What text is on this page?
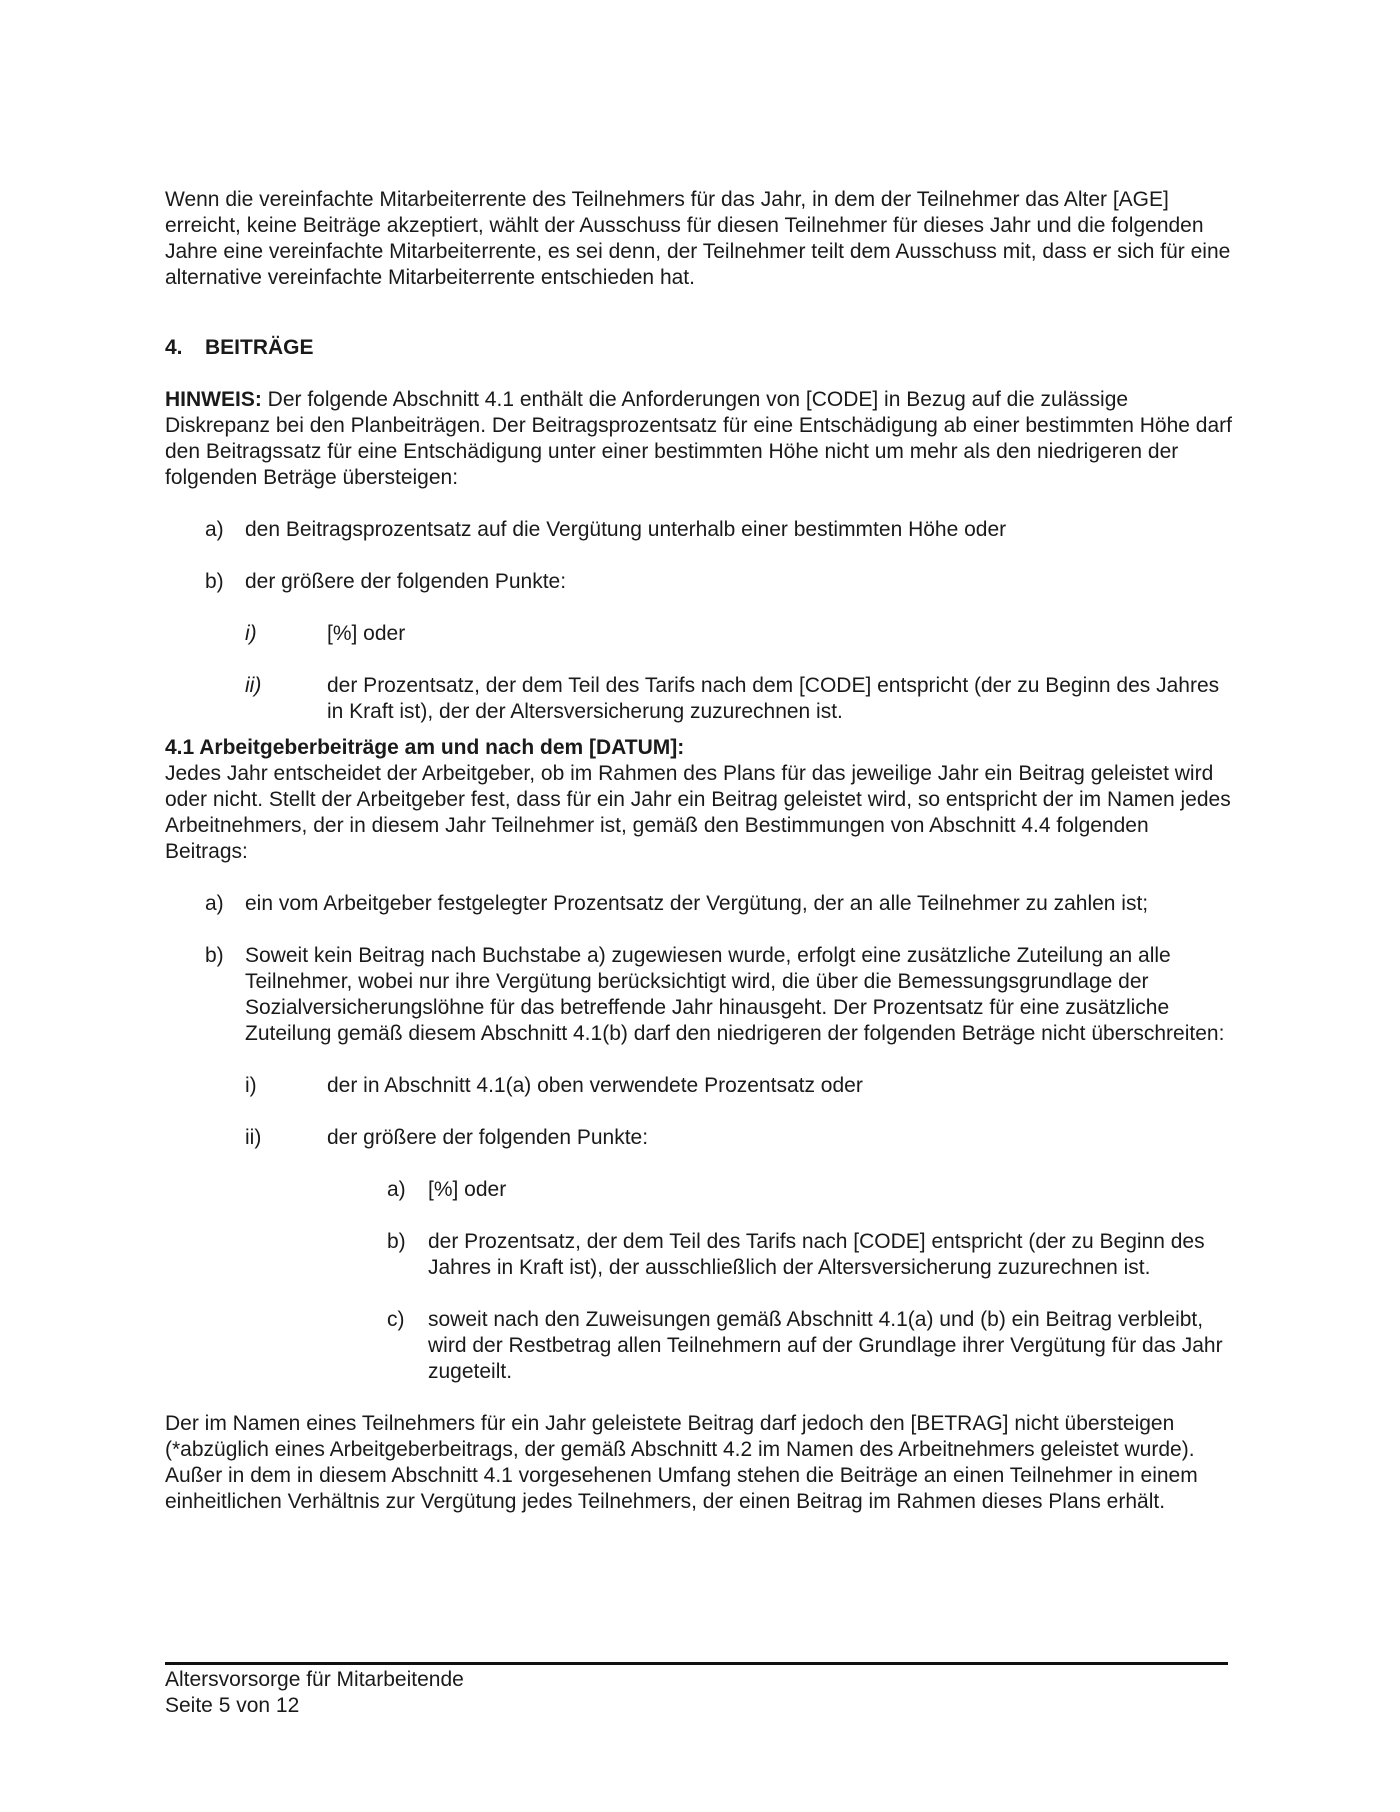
Wenn die vereinfachte Mitarbeiterrente des Teilnehmers für das Jahr, in dem der Teilnehmer das Alter [AGE] erreicht, keine Beiträge akzeptiert, wählt der Ausschuss für diesen Teilnehmer für dieses Jahr und die folgenden Jahre eine vereinfachte Mitarbeiterrente, es sei denn, der Teilnehmer teilt dem Ausschuss mit, dass er sich für eine alternative vereinfachte Mitarbeiterrente entschieden hat.

4. BEITRÄGE

HINWEIS: Der folgende Abschnitt 4.1 enthält die Anforderungen von [CODE] in Bezug auf die zulässige Diskrepanz bei den Planbeiträgen. Der Beitragsprozentsatz für eine Entschädigung ab einer bestimmten Höhe darf den Beitragssatz für eine Entschädigung unter einer bestimmten Höhe nicht um mehr als den niedrigeren der folgenden Beträge übersteigen:

a) den Beitragsprozentsatz auf die Vergütung unterhalb einer bestimmten Höhe oder
b) der größere der folgenden Punkte:
i)	[%] oder
ii)	der Prozentsatz, der dem Teil des Tarifs nach dem [CODE] entspricht (der zu Beginn des Jahres in Kraft ist), der der Altersversicherung zuzurechnen ist.

4.1 Arbeitgeberbeiträge am und nach dem [DATUM]:

Jedes Jahr entscheidet der Arbeitgeber, ob im Rahmen des Plans für das jeweilige Jahr ein Beitrag geleistet wird oder nicht. Stellt der Arbeitgeber fest, dass für ein Jahr ein Beitrag geleistet wird, so entspricht der im Namen jedes Arbeitnehmers, der in diesem Jahr Teilnehmer ist, gemäß den Bestimmungen von Abschnitt 4.4 folgenden Beitrags:

a) ein vom Arbeitgeber festgelegter Prozentsatz der Vergütung, der an alle Teilnehmer zu zahlen ist;
b) Soweit kein Beitrag nach Buchstabe a) zugewiesen wurde, erfolgt eine zusätzliche Zuteilung an alle Teilnehmer, wobei nur ihre Vergütung berücksichtigt wird, die über die Bemessungsgrundlage der Sozialversicherungslöhne für das betreffende Jahr hinausgeht. Der Prozentsatz für eine zusätzliche Zuteilung gemäß diesem Abschnitt 4.1(b) darf den niedrigeren der folgenden Beträge nicht überschreiten:
i)	der in Abschnitt 4.1(a) oben verwendete Prozentsatz oder
ii)	der größere der folgenden Punkte:
a) [%] oder
b) der Prozentsatz, der dem Teil des Tarifs nach [CODE] entspricht (der zu Beginn des Jahres in Kraft ist), der ausschließlich der Altersversicherung zuzurechnen ist.
c) soweit nach den Zuweisungen gemäß Abschnitt 4.1(a) und (b) ein Beitrag verbleibt, wird der Restbetrag allen Teilnehmern auf der Grundlage ihrer Vergütung für das Jahr zugeteilt.

Der im Namen eines Teilnehmers für ein Jahr geleistete Beitrag darf jedoch den [BETRAG] nicht übersteigen (*abzüglich eines Arbeitgeberbeitrags, der gemäß Abschnitt 4.2 im Namen des Arbeitnehmers geleistet wurde). Außer in dem in diesem Abschnitt 4.1 vorgesehenen Umfang stehen die Beiträge an einen Teilnehmer in einem einheitlichen Verhältnis zur Vergütung jedes Teilnehmers, der einen Beitrag im Rahmen dieses Plans erhält.

Altersvorsorge für Mitarbeitende
Seite 5 von 12
